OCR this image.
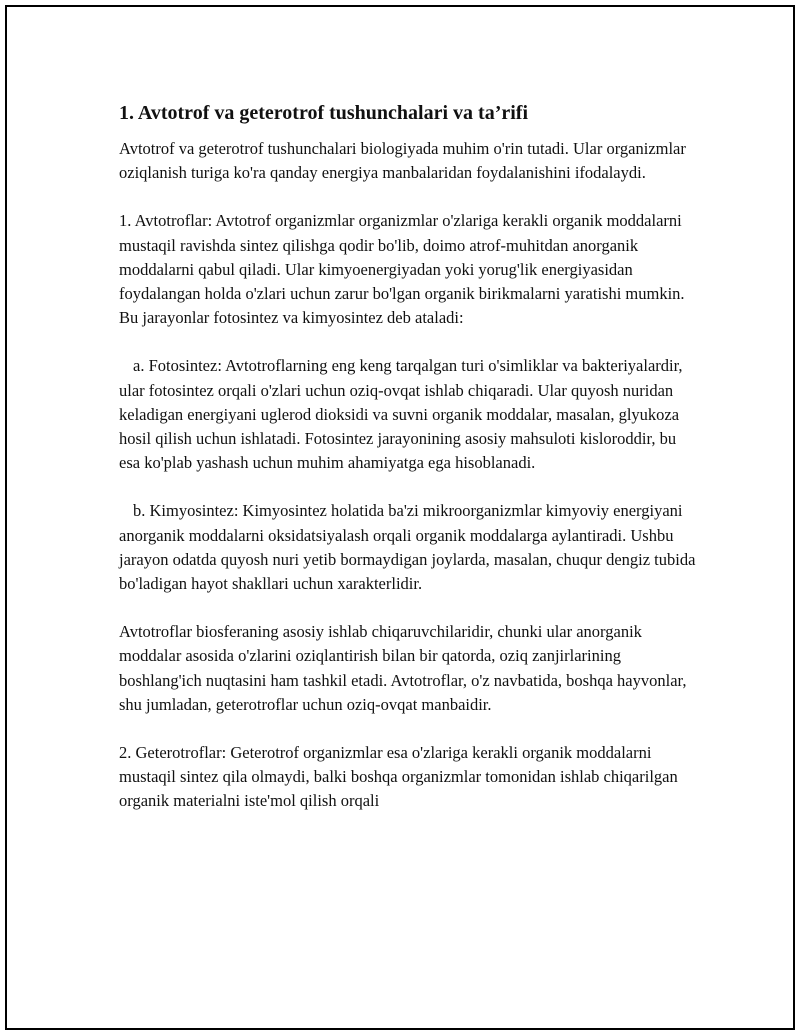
1. Avtotrof va geterotrof tushunchalari va ta’rifi

Avtotrof va geterotrof tushunchalari biologiyada muhim o'rin tutadi. Ular organizmlar oziqlanish turiga ko'ra qanday energiya manbalaridan foydalanishini ifodalaydi.

1. Avtotroflar: Avtotrof organizmlar organizmlar o'zlariga kerakli organik moddalarni mustaqil ravishda sintez qilishga qodir bo'lib, doimo atrof-muhitdan anorganik moddalarni qabul qiladi. Ular kimyoenergiyadan yoki yorug'lik energiyasidan foydalangan holda o'zlari uchun zarur bo'lgan organik birikmalarni yaratishi mumkin. Bu jarayonlar fotosintez va kimyosintez deb ataladi:

a. Fotosintez: Avtotroflarning eng keng tarqalgan turi o'simliklar va bakteriyalardir, ular fotosintez orqali o'zlari uchun oziq-ovqat ishlab chiqaradi. Ular quyosh nuridan keladigan energiyani uglerod dioksidi va suvni organik moddalar, masalan, glyukoza hosil qilish uchun ishlatadi. Fotosintez jarayonining asosiy mahsuloti kisloroddir, bu esa ko'plab yashash uchun muhim ahamiyatga ega hisoblanadi.

b. Kimyosintez: Kimyosintez holatida ba'zi mikroorganizmlar kimyoviy energiyani anorganik moddalarni oksidatsiyalash orqali organik moddalarga aylantiradi. Ushbu jarayon odatda quyosh nuri yetib bormaydigan joylarda, masalan, chuqur dengiz tubida bo'ladigan hayot shakllari uchun xarakterlidir.

Avtotroflar biosferaning asosiy ishlab chiqaruvchilaridir, chunki ular anorganik moddalar asosida o'zlarini oziqlantirish bilan bir qatorda, oziq zanjirlarining boshlang'ich nuqtasini ham tashkil etadi. Avtotroflar, o'z navbatida, boshqa hayvonlar, shu jumladan, geterotroflar uchun oziq-ovqat manbaidir.

2. Geterotroflar: Geterotrof organizmlar esa o'zlariga kerakli organik moddalarni mustaqil sintez qila olmaydi, balki boshqa organizmlar tomonidan ishlab chiqarilgan organik materialni iste'mol qilish orqali
